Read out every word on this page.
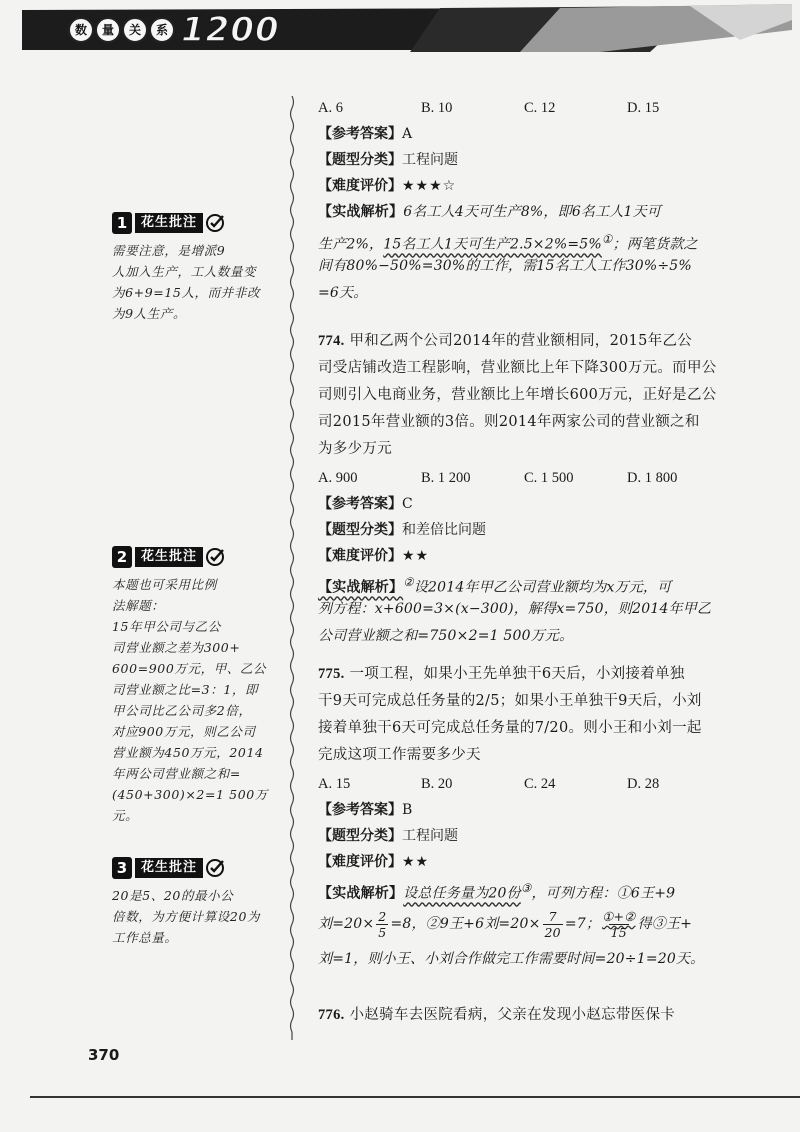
数	量	关	系 1200
1	花生批注
需要注意，是增派9
人加入生产，工人数量变
为6+9=15人，而并非改
为9人生产。
2	花生批注
本题也可采用比例
法解题：
15年甲公司与乙公
司营业额之差为300+
600=900万元，甲、乙公
司营业额之比=3：1，即
甲公司比乙公司多2倍，
对应900万元，则乙公司
营业额为450万元，2014
年两公司营业额之和=
(450+300)×2=1 500万元。
3	花生批注
20是5、20的最小公
倍数，为方便计算设20为
工作总量。
A. 6	B. 10	C. 12	D. 15
【参考答案】A
【题型分类】工程问题
【难度评价】★★★☆
【实战解析】6名工人4天可生产8%，即6名工人1天可
生产2%，15名工人1天可生产2.5×2%=5%①；两笔货款之
间有80%−50%=30%的工作，需15名工人工作30%÷5%
=6天。
774. 甲和乙两个公司2014年的营业额相同，2015年乙公
司受店铺改造工程影响，营业额比上年下降300万元。而甲公
司则引入电商业务，营业额比上年增长600万元，正好是乙公
司2015年营业额的3倍。则2014年两家公司的营业额之和
为多少万元
A. 900	B. 1 200	C. 1 500	D. 1 800
【参考答案】C
【题型分类】和差倍比问题
【难度评价】★★
【实战解析】②设2014年甲乙公司营业额均为x万元，可
列方程：x+600=3×(x−300)，解得x=750，则2014年甲乙
公司营业额之和=750×2=1 500万元。
775. 一项工程，如果小王先单独干6天后，小刘接着单独
干9天可完成总任务量的2/5；如果小王单独干9天后，小刘
接着单独干6天可完成总任务量的7/20。则小王和小刘一起
完成这项工作需要多少天
A. 15	B. 20	C. 24	D. 28
【参考答案】B
【题型分类】工程问题
【难度评价】★★
【实战解析】设总任务量为20份③，可列方程：①6王+9
刘$=20\times \frac{2}{5} =8$，②9王+6刘$=20\times \frac{7}{20} =7$； ①+②
15 得③王+
刘=1，则小王、小刘合作做完工作需要时间=20÷1=20天。
776. 小赵骑车去医院看病，父亲在发现小赵忘带医保卡
370
